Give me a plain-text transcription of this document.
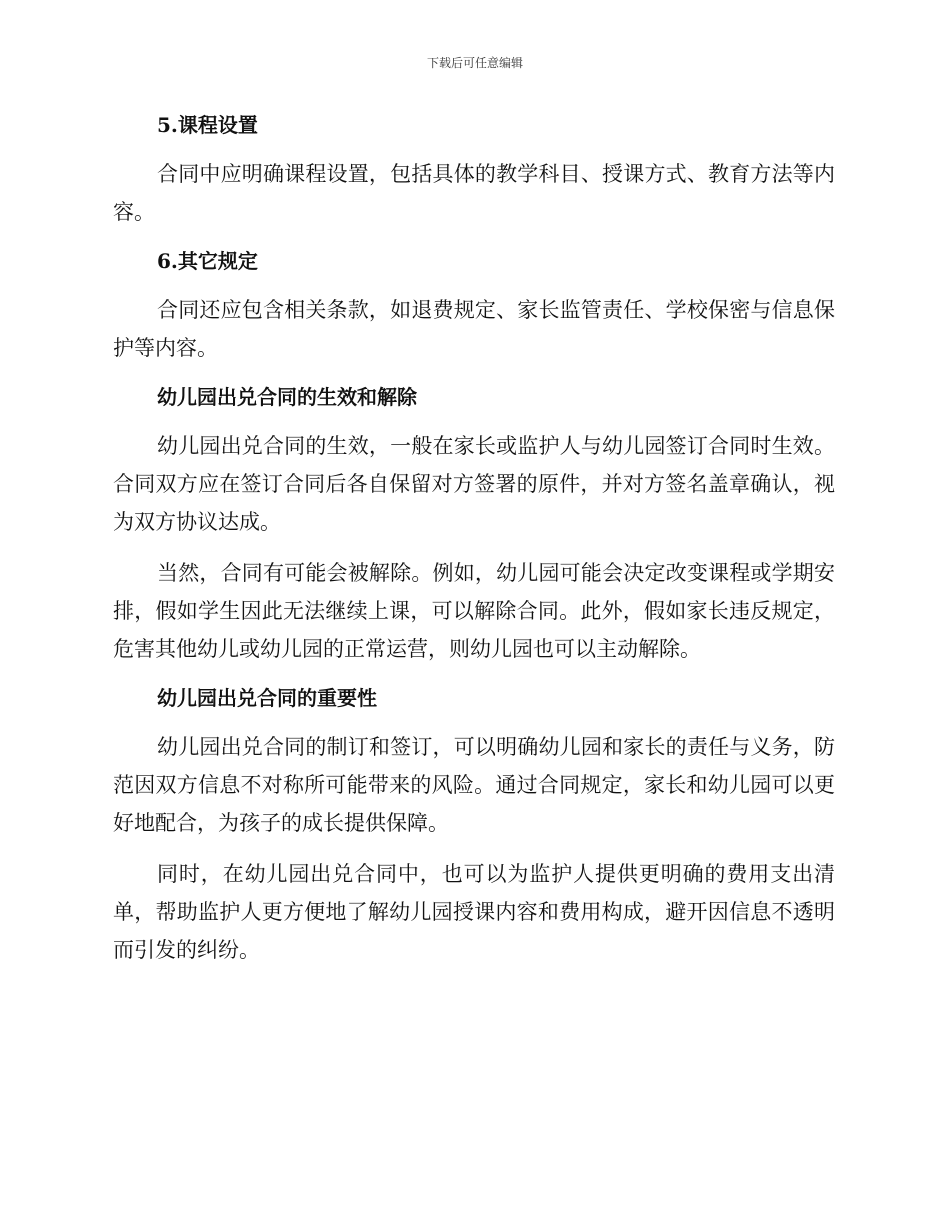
下载后可任意编辑
5.课程设置

合同中应明确课程设置，包括具体的教学科目、授课方式、教育方法等内容。

6.其它规定

合同还应包含相关条款，如退费规定、家长监管责任、学校保密与信息保护等内容。

幼儿园出兑合同的生效和解除

幼儿园出兑合同的生效，一般在家长或监护人与幼儿园签订合同时生效。合同双方应在签订合同后各自保留对方签署的原件，并对方签名盖章确认，视为双方协议达成。

当然，合同有可能会被解除。例如，幼儿园可能会决定改变课程或学期安排，假如学生因此无法继续上课，可以解除合同。此外，假如家长违反规定，危害其他幼儿或幼儿园的正常运营，则幼儿园也可以主动解除。

幼儿园出兑合同的重要性

幼儿园出兑合同的制订和签订，可以明确幼儿园和家长的责任与义务，防范因双方信息不对称所可能带来的风险。通过合同规定，家长和幼儿园可以更好地配合，为孩子的成长提供保障。

同时，在幼儿园出兑合同中，也可以为监护人提供更明确的费用支出清单，帮助监护人更方便地了解幼儿园授课内容和费用构成，避开因信息不透明而引发的纠纷。
